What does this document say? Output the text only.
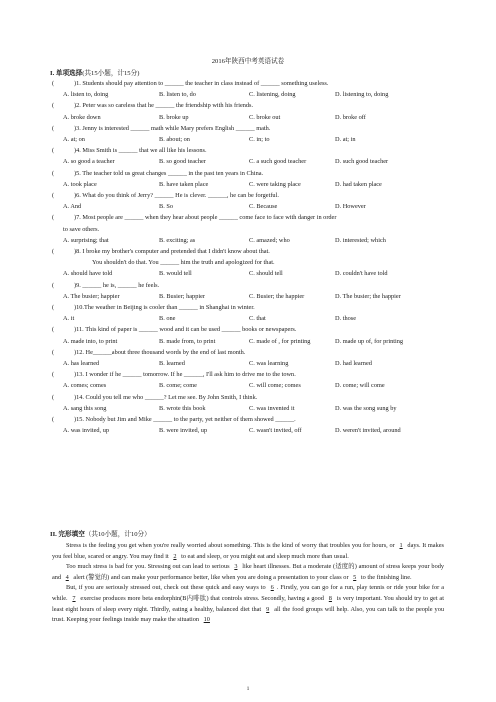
2016年陕西中考英语试卷
I. 单项选择(共15小题，计15分)
(	)1. Students should pay attention to ______ the teacher in class instead of ______ something useless.
A. listen to, doing	B. listen to, do	C. listening, doing	D. listening to, doing
(	)2. Peter was so careless that he ______ the friendship with his friends.
A. broke down	B. broke up	C. broke out	D. broke off
(	)3. Jenny is interested ______ math while Mary prefers English ______ math.
A. at; on	B. about; on	C. in; to	D. at; in
(	)4. Miss Smith is ______ that we all like his lessons.
A. so good a teacher	B. so good teacher	C. a such good teacher	D. such good teacher
(	)5. The teacher told us great changes ______ in the past ten years in China.
A. took place	B. have taken place	C. were taking place	D. had taken place
(	)6. What do you think of Jerry? ______ He is clever. ______, he can be forgetful.
A. And	B. So	C. Because	D. However
(	)7. Most people are ______ when they hear about people ______ come face to face with danger in order
to save others.
A. surprising; that	B. exciting; as	C. amazed; who	D. interested; which
(	)8. I broke my brother's computer and pretended that I didn't know about that.
You shouldn't do that. You ______ him the truth and apologized for that.
A. should have told	B. would tell	C. should tell	D. couldn't have told
(	)9. ______ he is, ______ he feels.
A. The busier; happier	B. Busier; happier	C. Busier; the happier	D. The busier; the happier
(	)10.The weather in Beijing is cooler than ______ in Shanghai in winter.
A. it	B. one	C. that	D. those
(	)11. This kind of paper is ______ wood and it can be used ______ books or newspapers.
A. made into, to print	B. made from, to print	C. made of , for printing	D. made up of, for printing
(	)12. He______about three thousand words by the end of last month.
A. has learned	B. learned	C. was learning	D. had learned
(	)13. I wonder if he ______ tomorrow. If he ______, I'll ask him to drive me to the town.
A. comes; comes	B. come; come	C. will come; comes	D. come; will come
(	)14. Could you tell me who ______? Let me see. By John Smith, I think.
A. sang this song	B. wrote this book	C. was invented it	D. was the song sung by
(	)15. Nobody but Jim and Mike ______ to the party, yet neither of them showed ______.
A. was invited, up	B. were invited, up	C. wasn't invited, off	D. weren't invited, around
II. 完形填空（共10小题，计10分）

Stress is the feeling you get when you're really worried about something. This is the kind of worry that troubles you for hours, or 1 days. It makes you feel blue, scared or angry. You may find it 2 to eat and sleep, or you might eat and sleep much more than usual.

Too much stress is bad for you. Stressing out can lead to serious 3 like heart illnesses. But a moderate (适度的) amount of stress keeps your body and 4 alert (警觉的) and can make your performance better, like when you are doing a presentation to your class or 5 to the finishing line.

But, if you are seriously stressed out, check out these quick and easy ways to 6 . Firstly, you can go for a run, play tennis or ride your bike for a while. 7 exercise produces more beta endorphin(B内啡肽) that controls stress. Secondly, having a good 8 is very important. You should try to get at least eight hours of sleep every night. Thirdly, eating a healthy, balanced diet that 9 all the food groups will help. Also, you can talk to the people you trust. Keeping your feelings inside may make the situation 10

1
